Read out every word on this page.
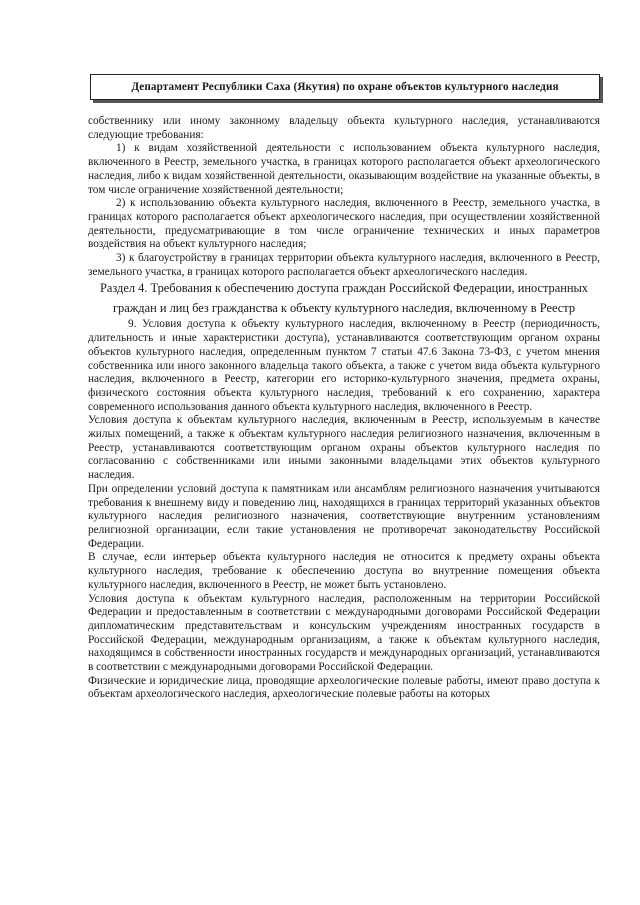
Департамент Республики Саха (Якутия) по охране объектов культурного наследия

собственнику или иному законному владельцу объекта культурного наследия, устанавливаются следующие требования:

1) к видам хозяйственной деятельности с использованием объекта культурного наследия, включенного в Реестр, земельного участка, в границах которого располагается объект археологического наследия, либо к видам хозяйственной деятельности, оказывающим воздействие на указанные объекты, в том числе ограничение хозяйственной деятельности;

2) к использованию объекта культурного наследия, включенного в Реестр, земельного участка, в границах которого располагается объект археологического наследия, при осуществлении хозяйственной деятельности, предусматривающие в том числе ограничение технических и иных параметров воздействия на объект культурного наследия;

3) к благоустройству в границах территории объекта культурного наследия, включенного в Реестр, земельного участка, в границах которого располагается объект археологического наследия.

Раздел 4. Требования к обеспечению доступа граждан Российской Федерации, иностранных граждан и лиц без гражданства к объекту культурного наследия, включенному в Реестр

9. Условия доступа к объекту культурного наследия, включенному в Реестр (периодичность, длительность и иные характеристики доступа), устанавливаются соответствующим органом охраны объектов культурного наследия, определенным пунктом 7 статьи 47.6 Закона 73-ФЗ, с учетом мнения собственника или иного законного владельца такого объекта, а также с учетом вида объекта культурного наследия, включенного в Реестр, категории его историко-культурного значения, предмета охраны, физического состояния объекта культурного наследия, требований к его сохранению, характера современного использования данного объекта культурного наследия, включенного в Реестр.

Условия доступа к объектам культурного наследия, включенным в Реестр, используемым в качестве жилых помещений, а также к объектам культурного наследия религиозного назначения, включенным в Реестр, устанавливаются соответствующим органом охраны объектов культурного наследия по согласованию с собственниками или иными законными владельцами этих объектов культурного наследия.

При определении условий доступа к памятникам или ансамблям религиозного назначения учитываются требования к внешнему виду и поведению лиц, находящихся в границах территорий указанных объектов культурного наследия религиозного назначения, соответствующие внутренним установлениям религиозной организации, если такие установления не противоречат законодательству Российской Федерации.

В случае, если интерьер объекта культурного наследия не относится к предмету охраны объекта культурного наследия, требование к обеспечению доступа во внутренние помещения объекта культурного наследия, включенного в Реестр, не может быть установлено.

Условия доступа к объектам культурного наследия, расположенным на территории Российской Федерации и предоставленным в соответствии с международными договорами Российской Федерации дипломатическим представительствам и консульским учреждениям иностранных государств в Российской Федерации, международным организациям, а также к объектам культурного наследия, находящимся в собственности иностранных государств и международных организаций, устанавливаются в соответствии с международными договорами Российской Федерации.

Физические и юридические лица, проводящие археологические полевые работы, имеют право доступа к объектам археологического наследия, археологические полевые работы на которых
